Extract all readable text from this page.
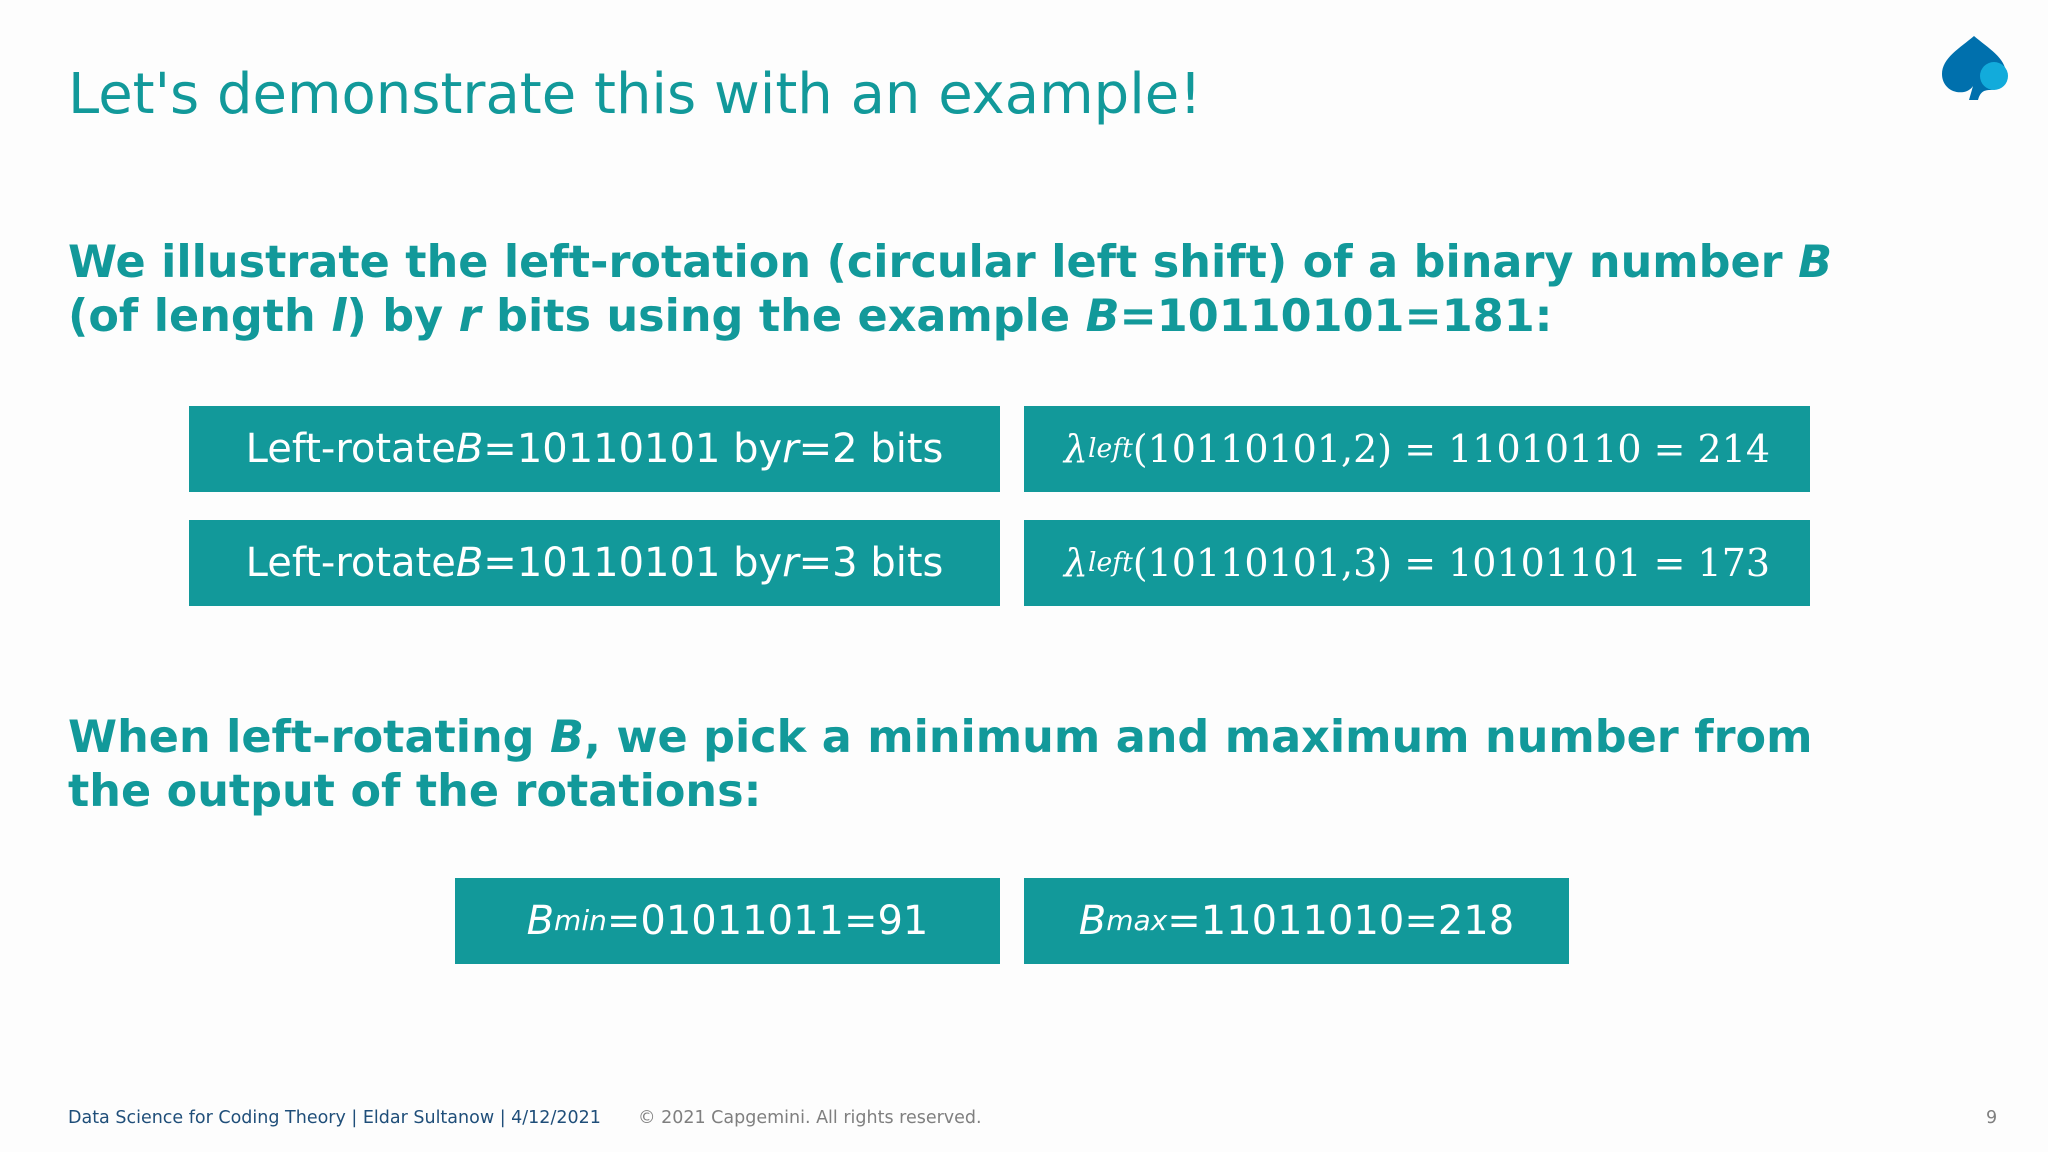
Let's demonstrate this with an example!
We illustrate the left-rotation (circular left shift) of a binary number B
(of length l) by r bits using the example B=10110101=181:
Left-rotate B =10110101 by r =2 bits	λ left (10110101,2) = 11010110 = 214
Left-rotate B =10110101 by r =3 bits	λ left (10110101,3) = 10101101 = 173
When left-rotating B, we pick a minimum and maximum number from the output of the rotations:
B min =01011011=91	B max =11011010=218
Data Science for Coding Theory | Eldar Sultanow | 4/12/2021 © 2021 Capgemini. All rights reserved.	9
